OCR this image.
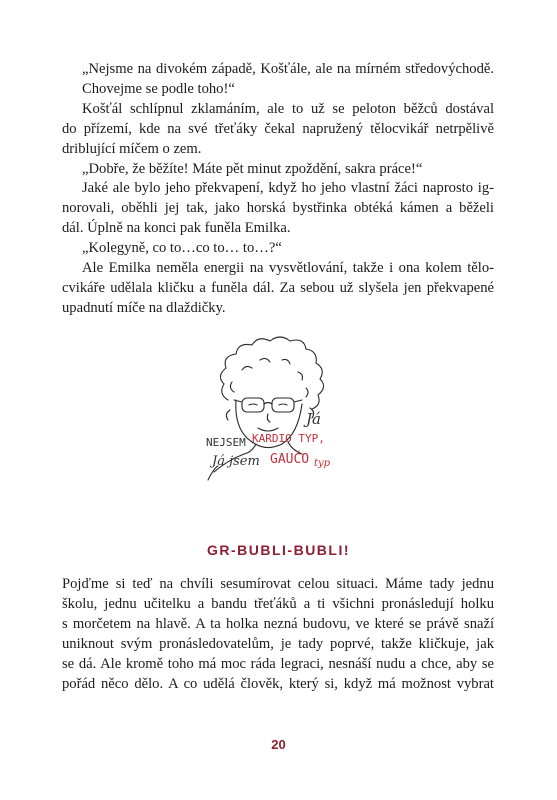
„Nejsme na divokém západě, Košťále, ale na mírném středovýchodě.
Chovejme se podle toho!“

Košťál schlípnul zklamáním, ale to už se peloton běžců dostával
do přízemí, kde na své třeťáky čekal napružený tělocvikář netrpělivě
driblující míčem o zem.

„Dobře, že běžíte! Máte pět minut zpoždění, sakra práce!“

Jaké ale bylo jeho překvapení, když ho jeho vlastní žáci naprosto ig-
norovali, oběhli jej tak, jako horská bystřinka obtéká kámen a běželi
dál. Úplně na konci pak funěla Emilka.

„Kolegyně, co to…co to… to…?“

Ale Emilka neměla energii na vysvětlování, takže i ona kolem tělo-
cvikáře udělala kličku a funěla dál. Za sebou už slyšela jen překvapené
upadnutí míče na dlaždičky.

Já
NEJSEM KARDIO TYP,
Já jsem GAUČO typ
GR-BUBLI-BUBLI!

Pojďme si teď na chvíli sesumírovat celou situaci. Máme tady jednu
školu, jednu učitelku a bandu třeťáků a ti všichni pronásledují holku
s morčetem na hlavě. A ta holka nezná budovu, ve které se právě snaží
uniknout svým pronásledovatelům, je tady poprvé, takže kličkuje, jak
se dá. Ale kromě toho má moc ráda legraci, nesnáší nudu a chce, aby se
pořád něco dělo. A co udělá člověk, který si, když má možnost vybrat

20
